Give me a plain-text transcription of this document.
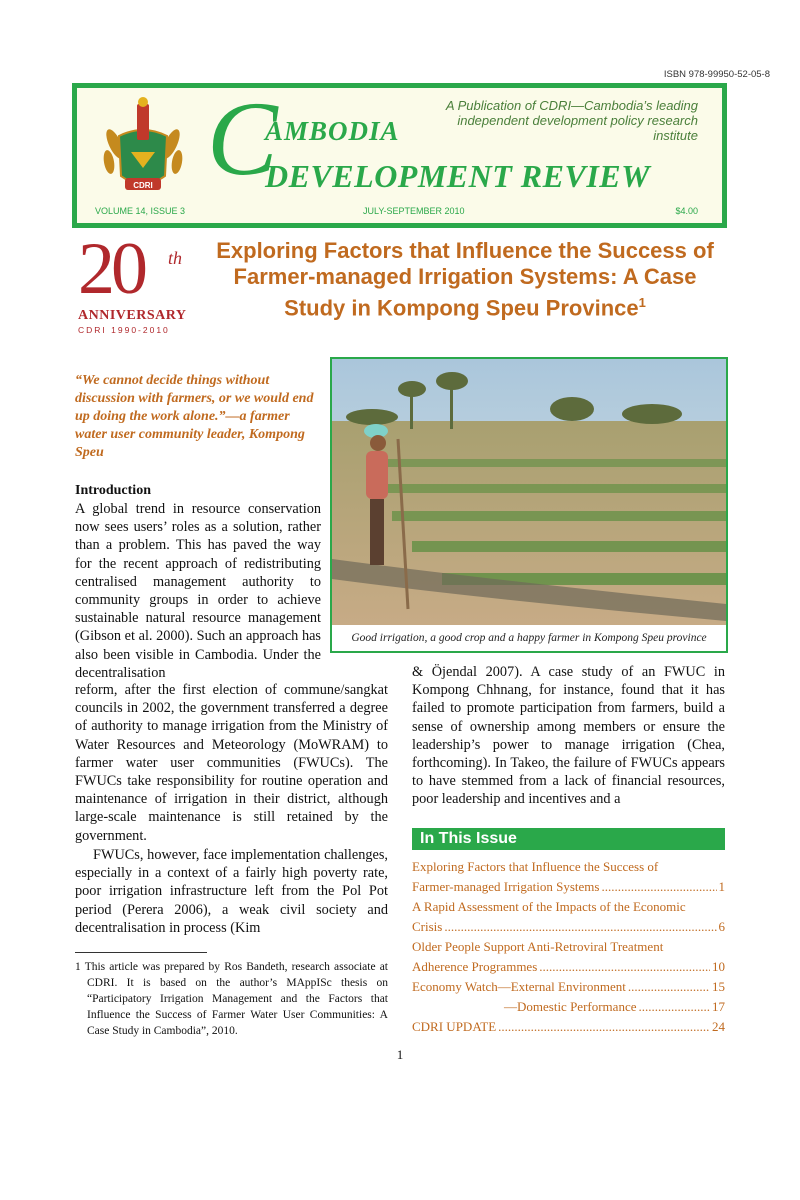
ISBN 978-99950-52-05-8
CDRI C
AMBODIA
DEVELOPMENT REVIEW
A Publication of CDRI—Cambodia’s leading independent development policy research institute
VOLUME 14, ISSUE 3	JULY-SEPTEMBER 2010	$4.00
20 th
ANNIVERSARY
CDRI 1990-2010
Exploring Factors that Influence the Success of Farmer-managed Irrigation Systems: A Case Study in Kompong Speu Province$^1$
“We cannot decide things without discussion with farmers, or we would end up doing the work alone.”—a farmer water user community leader, Kompong Speu
Good irrigation, a good crop and a happy farmer in Kompong Speu province
Introduction
A global trend in resource conservation now sees users’ roles as a solution, rather than a problem. This has paved the way for the recent approach of redistributing centralised management authority to community groups in order to achieve sustainable natural resource management (Gibson et al. 2000). Such an approach has also been visible in Cambodia. Under the decentralisation
reform, after the first election of commune/sangkat councils in 2002, the government transferred a degree of authority to manage irrigation from the Ministry of Water Resources and Meteorology (MoWRAM) to farmer water user communities (FWUCs). The FWUCs take responsibility for routine operation and maintenance of irrigation in their district, although large-scale maintenance is still retained by the government.
FWUCs, however, face implementation challenges, especially in a context of a fairly high poverty rate, poor irrigation infrastructure left from the Pol Pot period (Perera 2006), a weak civil society and decentralisation in process (Kim
& Öjendal 2007). A case study of an FWUC in Kompong Chhnang, for instance, found that it has failed to promote participation from farmers, build a sense of ownership among members or ensure the leadership’s power to manage irrigation (Chea, forthcoming). In Takeo, the failure of FWUCs appears to have stemmed from a lack of financial resources, poor leadership and incentives and a
1 This article was prepared by Ros Bandeth, research associate at CDRI. It is based on the author’s MAppISc thesis on “Participatory Irrigation Management and the Factors that Influence the Success of Farmer Water User Communities: A Case Study in Cambodia”, 2010.
In This Issue
Exploring Factors that Influence the Success of
Farmer-managed Irrigation Systems .....	1
A Rapid Assessment of the Impacts of the Economic
Crisis .....	6
Older People Support Anti-Retroviral Treatment
Adherence Programmes .....	10
Economy Watch—External Environment .....	15
—Domestic Performance .....	17
CDRI UPDATE .....	24
1
